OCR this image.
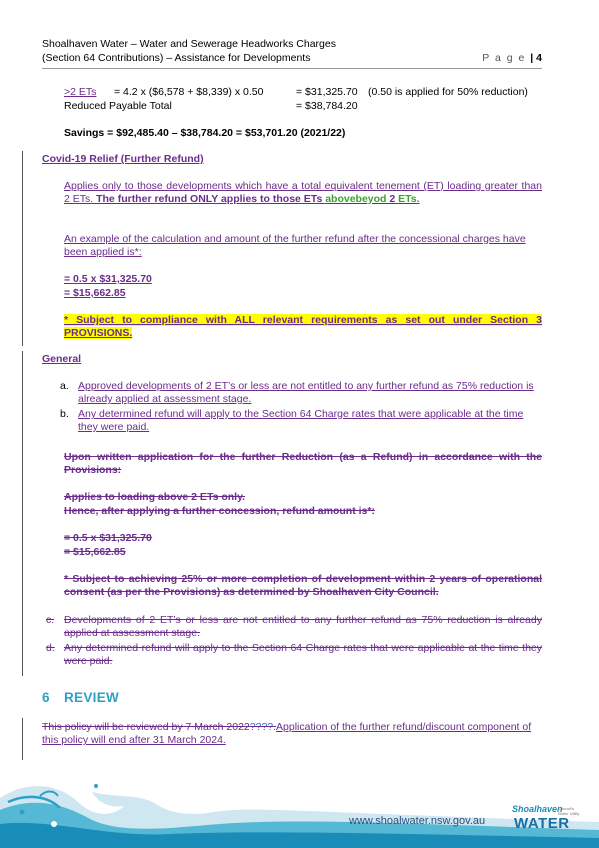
Shoalhaven Water – Water and Sewerage Headworks Charges
(Section 64 Contributions) – Assistance for Developments	P a g e | 4
>2 ETs = 4.2 x ($6,578 + $8,339) x 0.50	= $31,325.70 (0.50 is applied for 50% reduction)
Reduced Payable Total	= $38,784.20
Savings = $92,485.40 – $38,784.20 = $53,701.20 (2021/22)
Covid-19 Relief (Further Refund)
Applies only to those developments which have a total equivalent tenement (ET) loading greater than 2 ETs. The further refund ONLY applies to those ETs abovebeyod 2 ETs.
An example of the calculation and amount of the further refund after the concessional charges have been applied is*:
= 0.5 x $31,325.70
= $15,662.85
* Subject to compliance with ALL relevant requirements as set out under Section 3 PROVISIONS.
General
a. Approved developments of 2 ET’s or less are not entitled to any further refund as 75% reduction is already applied at assessment stage.
b. Any determined refund will apply to the Section 64 Charge rates that were applicable at the time they were paid.
Upon written application for the further Reduction (as a Refund) in accordance with the Provisions:
Applies to loading above 2 ETs only.
Hence, after applying a further concession, refund amount is*:
= 0.5 x $31,325.70
= $15,662.85
* Subject to achieving 25% or more completion of development within 2 years of operational consent (as per the Provisions) as determined by Shoalhaven City Council.
c. Developments of 2 ET’s or less are not entitled to any further refund as 75% reduction is already applied at assessment stage.
d. Any determined refund will apply to the Section 64 Charge rates that were applicable at the time they were paid.
6 REVIEW
This policy will be reviewed by 7 March 2022????.Application of the further refund/discount component of this policy will end after 31 March 2024.
www.shoalwater.nsw.gov.au
Shoalhaven
Council's Water Utility
WATER
